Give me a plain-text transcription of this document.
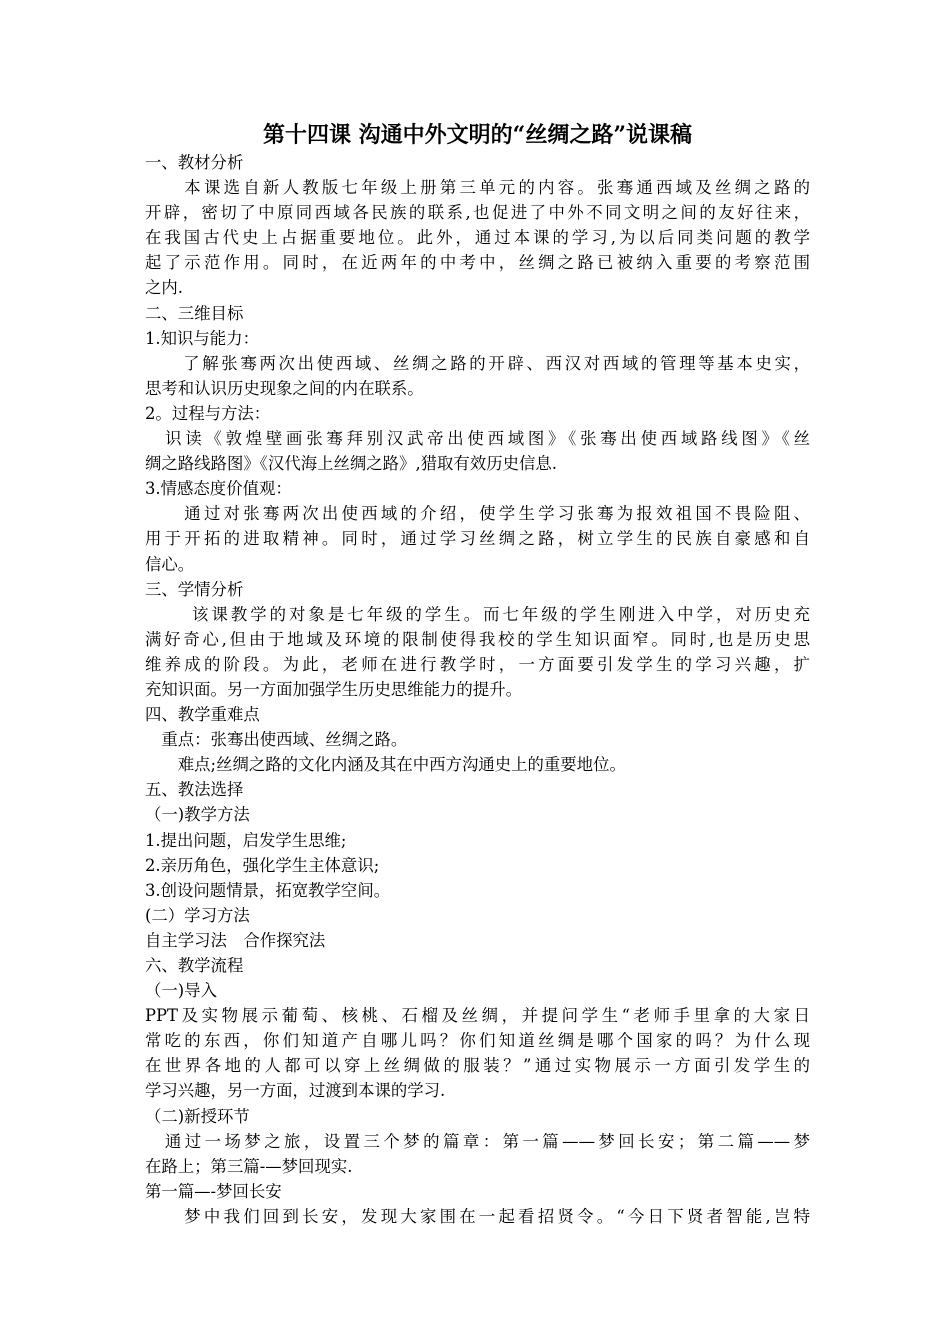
第十四课 沟通中外文明的“丝绸之路”说课稿
一、教材分析
　　本课选自新人教版七年级上册第三单元的内容。张骞通西域及丝绸之路的
开辟，密切了中原同西域各民族的联系,也促进了中外不同文明之间的友好往来，
在我国古代史上占据重要地位。此外，通过本课的学习,为以后同类问题的教学
起了示范作用。同时，在近两年的中考中，丝绸之路已被纳入重要的考察范围
之内.
二、三维目标
1.知识与能力：
　　了解张骞两次出使西域、丝绸之路的开辟、西汉对西域的管理等基本史实，
思考和认识历史现象之间的内在联系。
2。过程与方法：
　识读《敦煌壁画张骞拜别汉武帝出使西域图》《张骞出使西域路线图》《丝
绸之路线路图》《汉代海上丝绸之路》,猎取有效历史信息.
3.情感态度价值观：
　　通过对张骞两次出使西域的介绍，使学生学习张骞为报效祖国不畏险阻、
用于开拓的进取精神。同时，通过学习丝绸之路，树立学生的民族自豪感和自
信心。
三、学情分析
　　 该课教学的对象是七年级的学生。而七年级的学生刚进入中学，对历史充
满好奇心,但由于地域及环境的限制使得我校的学生知识面窄。同时,也是历史思
维养成的阶段。为此，老师在进行教学时，一方面要引发学生的学习兴趣，扩
充知识面。另一方面加强学生历史思维能力的提升。
四、教学重难点
　重点：张骞出使西域、丝绸之路。
　　难点;丝绸之路的文化内涵及其在中西方沟通史上的重要地位。
五、教法选择
（一)教学方法
1.提出问题，启发学生思维;
2.亲历角色，强化学生主体意识;
3.创设问题情景，拓宽教学空间。
(二）学习方法
自主学习法　合作探究法
六、教学流程
（一)导入
PPT及实物展示葡萄、核桃、石榴及丝绸，并提问学生“老师手里拿的大家日
常吃的东西，你们知道产自哪儿吗？你们知道丝绸是哪个国家的吗？为什么现
在世界各地的人都可以穿上丝绸做的服装？”通过实物展示一方面引发学生的
学习兴趣，另一方面，过渡到本课的学习.
（二)新授环节
　通过一场梦之旅，设置三个梦的篇章：第一篇——梦回长安；第二篇——梦
在路上；第三篇-—梦回现实.
第一篇—-梦回长安
　　梦中我们回到长安，发现大家围在一起看招贤令。“今日下贤者智能,岂特
